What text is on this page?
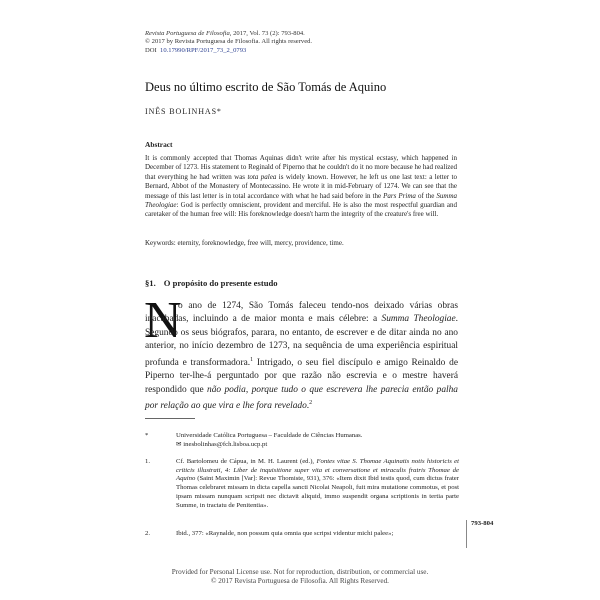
Revista Portuguesa de Filosofia, 2017, Vol. 73 (2): 793-804.
© 2017 by Revista Portuguesa de Filosofia. All rights reserved.
DOI 10.17990/RPF/2017_73_2_0793
Deus no último escrito de São Tomás de Aquino
INÊS BOLINHAS*
Abstract
It is commonly accepted that Thomas Aquinas didn't write after his mystical ecstasy, which happened in December of 1273. His statement to Reginald of Piperno that he couldn't do it no more because he had realized that everything he had written was tota palea is widely known. However, he left us one last text: a letter to Bernard, Abbot of the Monastery of Montecassino. He wrote it in mid-February of 1274. We can see that the message of this last letter is in total accordance with what he had said before in the Pars Prima of the Summa Theologiae: God is perfectly omniscient, provident and merciful. He is also the most respectful guardian and caretaker of the human free will: His foreknowledge doesn't harm the integrity of the creature's free will.
Keywords: eternity, foreknowledge, free will, mercy, providence, time.
§1. O propósito do presente estudo
N
o ano de 1274, São Tomás faleceu tendo-nos deixado várias obras inacabadas, incluindo a de maior monta e mais célebre: a Summa Theologiae. Segundo os seus biógrafos, parara, no entanto, de escrever e de ditar ainda no ano anterior, no início dezembro de 1273, na sequência de uma experiência espiritual profunda e transformadora.$^1$ Intrigado, o seu fiel discípulo e amigo Reinaldo de Piperno ter-lhe-á perguntado por que razão não escrevia e o mestre haverá respondido que não podia, porque tudo o que escrevera lhe parecia então palha por relação ao que vira e lhe fora revelado.$^2$
*	Universidade Católica Portuguesa – Faculdade de Ciências Humanas.
✉ inesbolinhas@fch.lisboa.ucp.pt
1.	Cf. Bartolomeu de Cápua, in M. H. Laurent (ed.), Fontes vitae S. Thomae Aquinatis notis historicis et criticis illustrati, 4: Liber de inquisitione super vita et conversatione et miraculis fratris Thomae de Aquino (Saint Maximin [Var]: Revue Thomiste, 931), 376: «Item dixit Ibid testis quod, cum dictus frater Thomas celebraret missam in dicta capella sancti Nicolai Neapoli, fuit mira mutatione commotus, et post ipsam missam nunquam scripsit nec dictavit aliquid, immo suspendit organa scriptionis in tertia parte Summe, in tractatu de Penitentia».
2.	Ibid., 377: «Raynalde, non possum quia omnia que scripsi videntur michi palee»;
793-804
Provided for Personal License use. Not for reproduction, distribution, or commercial use.
© 2017 Revista Portuguesa de Filosofia. All Rights Reserved.
